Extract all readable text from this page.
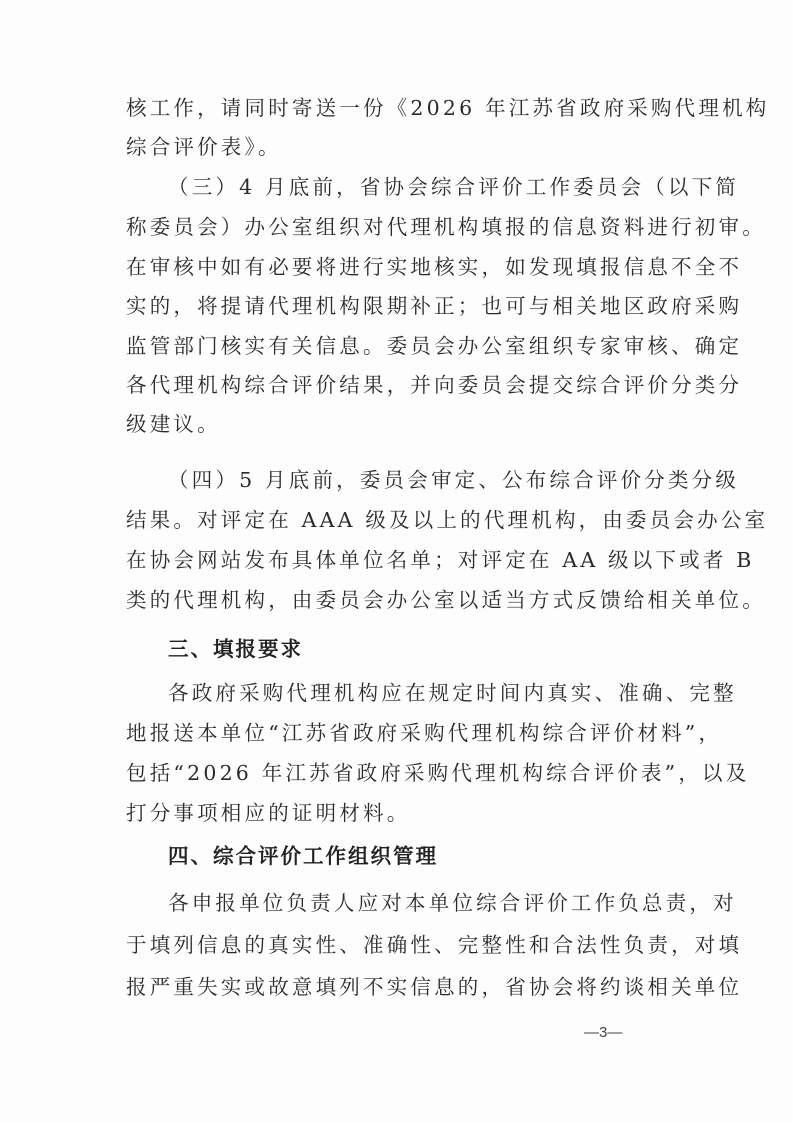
核工作，请同时寄送一份《2026 年江苏省政府采购代理机构
综合评价表》。
（三）4 月底前，省协会综合评价工作委员会（以下简
称委员会）办公室组织对代理机构填报的信息资料进行初审。
在审核中如有必要将进行实地核实，如发现填报信息不全不
实的，将提请代理机构限期补正；也可与相关地区政府采购
监管部门核实有关信息。委员会办公室组织专家审核、确定
各代理机构综合评价结果，并向委员会提交综合评价分类分
级建议。
（四）5 月底前，委员会审定、公布综合评价分类分级
结果。对评定在 AAA 级及以上的代理机构，由委员会办公室
在协会网站发布具体单位名单；对评定在 AA 级以下或者 B
类的代理机构，由委员会办公室以适当方式反馈给相关单位。
三、填报要求
各政府采购代理机构应在规定时间内真实、准确、完整
地报送本单位“江苏省政府采购代理机构综合评价材料”，
包括“2026 年江苏省政府采购代理机构综合评价表”，以及
打分事项相应的证明材料。
四、综合评价工作组织管理
各申报单位负责人应对本单位综合评价工作负总责，对
于填列信息的真实性、准确性、完整性和合法性负责，对填
报严重失实或故意填列不实信息的，省协会将约谈相关单位
—3—
